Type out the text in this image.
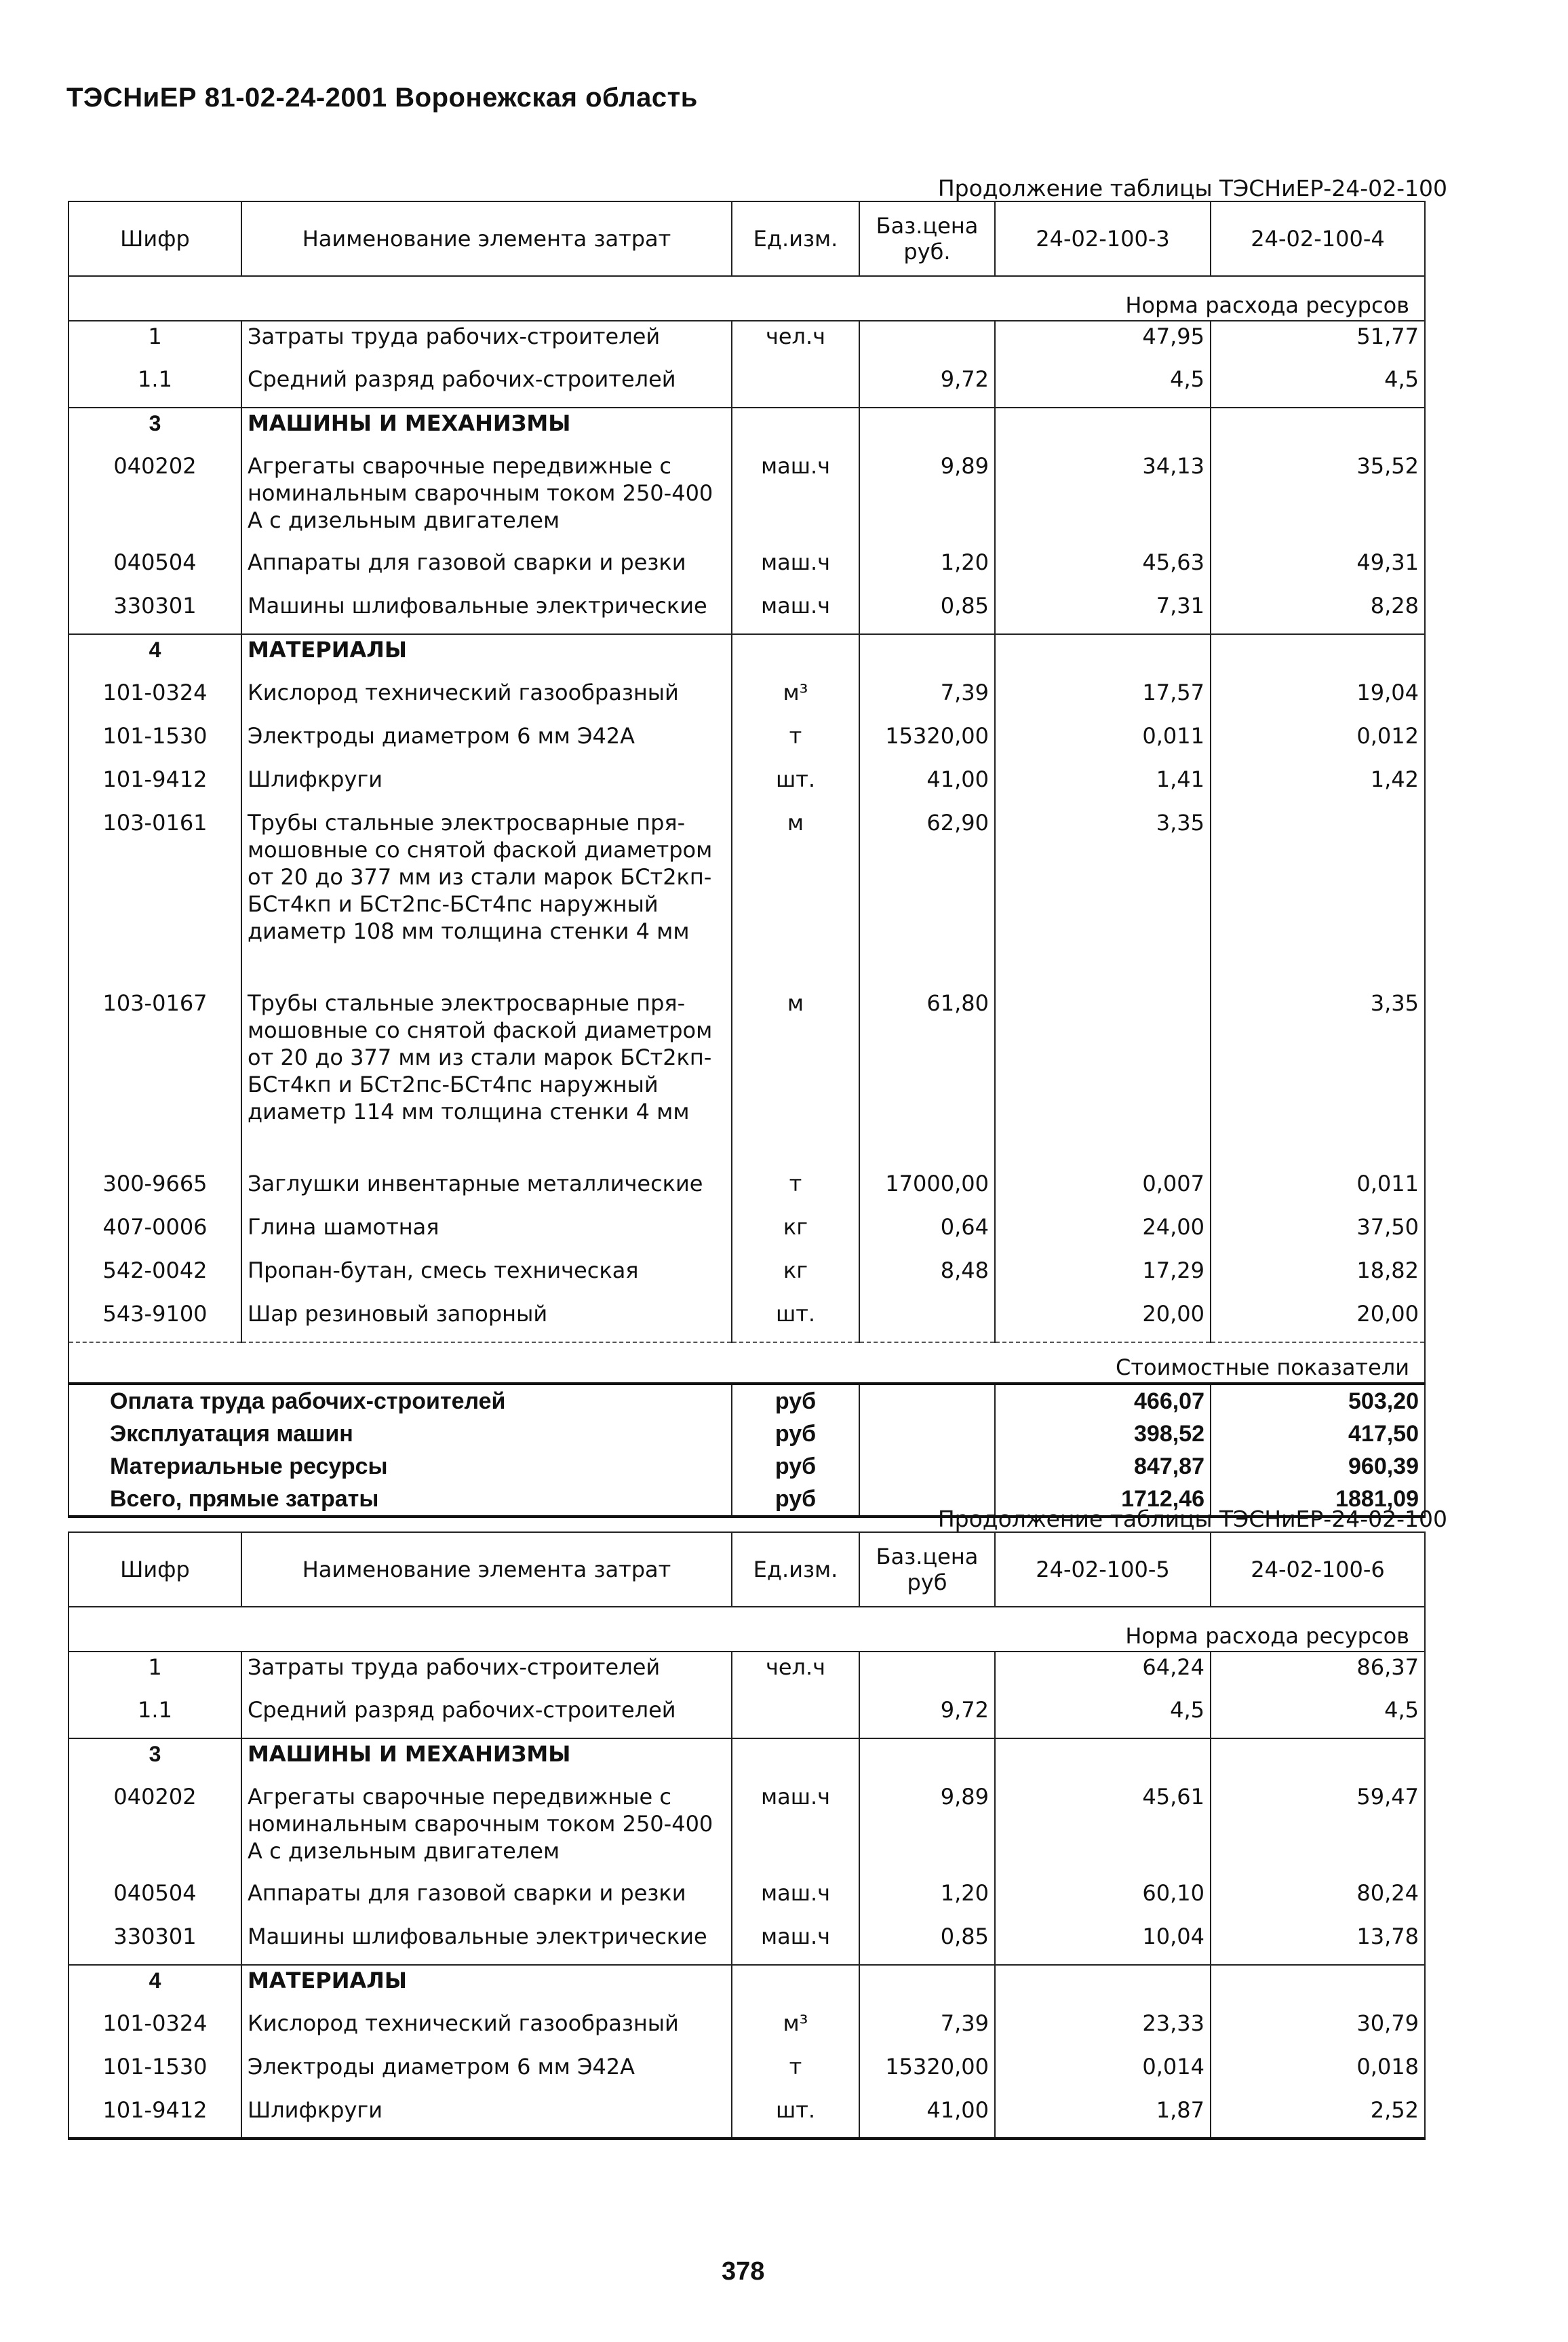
ТЭСНиЕР 81-02-24-2001 Воронежская область
Продолжение таблицы ТЭСНиЕР-24-02-100
Шифр	Наименование элемента затрат	Ед.изм.	Баз.цена руб.	24-02-100-3	24-02-100-4
Норма расхода ресурсов					
1	Затраты труда рабочих-строителей	чел.ч		47,95	51,77
1.1	Средний разряд рабочих-строителей		9,72	4,5	4,5
3	МАШИНЫ И МЕХАНИЗМЫ				
040202	Агрегаты сварочные передвижные с номинальным сварочным током 250-400 А с дизельным двигателем	маш.ч	9,89	34,13	35,52
040504	Аппараты для газовой сварки и резки	маш.ч	1,20	45,63	49,31
330301	Машины шлифовальные электрические	маш.ч	0,85	7,31	8,28
4	МАТЕРИАЛЫ				
101-0324	Кислород технический газообразный	м³	7,39	17,57	19,04
101-1530	Электроды диаметром 6 мм Э42А	т	15320,00	0,011	0,012
101-9412	Шлифкруги	шт.	41,00	1,41	1,42
103-0161	Трубы стальные электросварные пря-мошовные со снятой фаской диаметром от 20 до 377 мм из стали марок БСт2кп-БСт4кп и БСт2пс-БСт4пс наружный диаметр 108 мм толщина стенки 4 мм	м	62,90	3,35	
103-0167	Трубы стальные электросварные пря-мошовные со снятой фаской диаметром от 20 до 377 мм из стали марок БСт2кп-БСт4кп и БСт2пс-БСт4пс наружный диаметр 114 мм толщина стенки 4 мм	м	61,80		3,35
300-9665	Заглушки инвентарные металлические	т	17000,00	0,007	0,011
407-0006	Глина шамотная	кг	0,64	24,00	37,50
542-0042	Пропан-бутан, смесь техническая	кг	8,48	17,29	18,82
543-9100	Шар резиновый запорный	шт.		20,00	20,00
Стоимостные показатели					
Оплата труда рабочих-строителей		руб		466,07	503,20
Эксплуатация машин		руб		398,52	417,50
Материальные ресурсы		руб		847,87	960,39
Всего, прямые затраты		руб		1712,46	1881,09
Продолжение таблицы ТЭСНиЕР-24-02-100
Шифр	Наименование элемента затрат	Ед.изм.	Баз.цена руб	24-02-100-5	24-02-100-6
Норма расхода ресурсов					
1	Затраты труда рабочих-строителей	чел.ч		64,24	86,37
1.1	Средний разряд рабочих-строителей		9,72	4,5	4,5
3	МАШИНЫ И МЕХАНИЗМЫ				
040202	Агрегаты сварочные передвижные с номинальным сварочным током 250-400 А с дизельным двигателем	маш.ч	9,89	45,61	59,47
040504	Аппараты для газовой сварки и резки	маш.ч	1,20	60,10	80,24
330301	Машины шлифовальные электрические	маш.ч	0,85	10,04	13,78
4	МАТЕРИАЛЫ				
101-0324	Кислород технический газообразный	м³	7,39	23,33	30,79
101-1530	Электроды диаметром 6 мм Э42А	т	15320,00	0,014	0,018
101-9412	Шлифкруги	шт.	41,00	1,87	2,52
378
